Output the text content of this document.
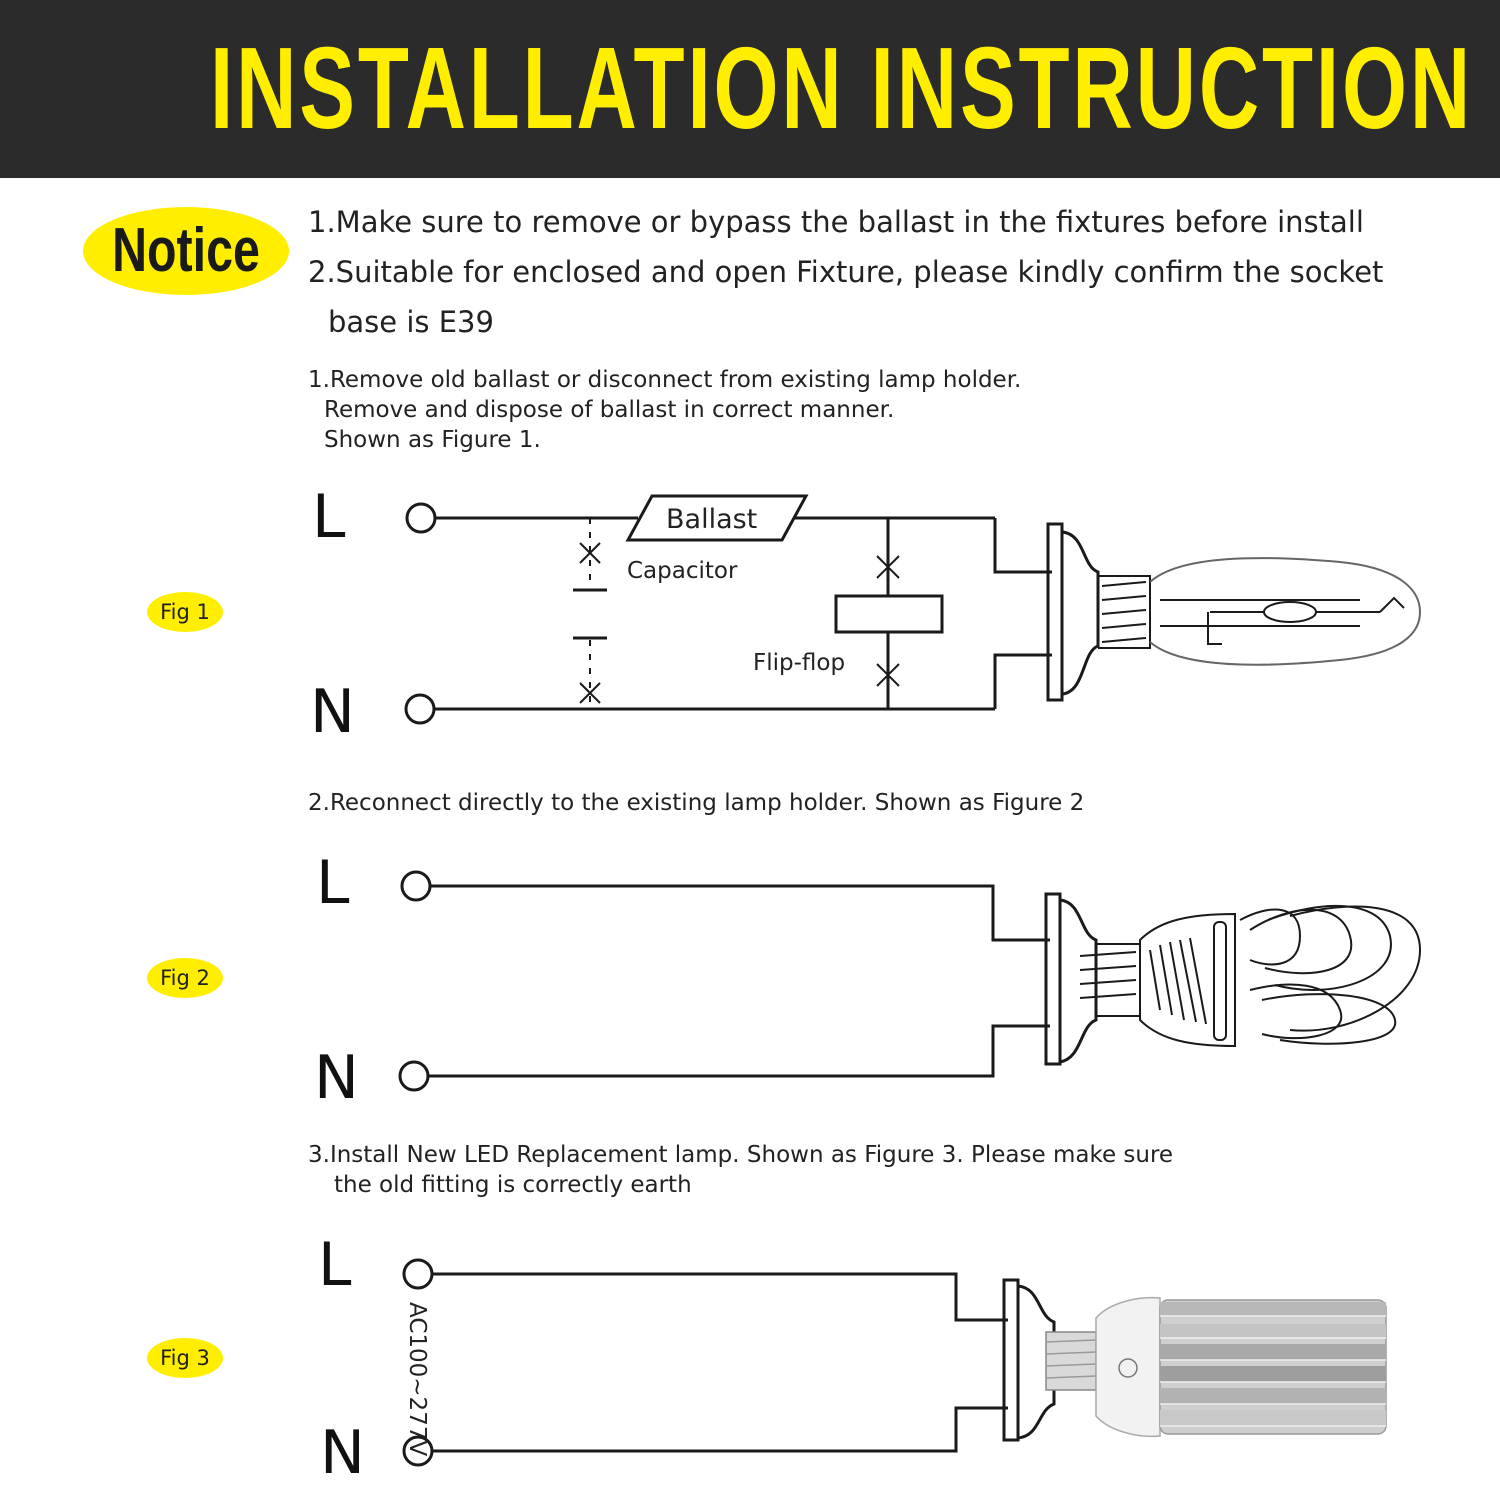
INSTALLATION INSTRUCTION
Notice 1.Make sure to remove or bypass the ballast in the fixtures before install
2.Suitable for enclosed and open Fixture, please kindly confirm the socket
base is E39
1.Remove old ballast or disconnect from existing lamp holder.
Remove and dispose of ballast in correct manner.
Shown as Figure 1.
2.Reconnect directly to the existing lamp holder. Shown as Figure 2
3.Install New LED Replacement lamp. Shown as Figure 3. Please make sure
the old fitting is correctly earth
Fig 1
Fig 2
Fig 3
L
N
Ballast
Capacitor
Flip-flop
L
N
L
N AC100~277V
